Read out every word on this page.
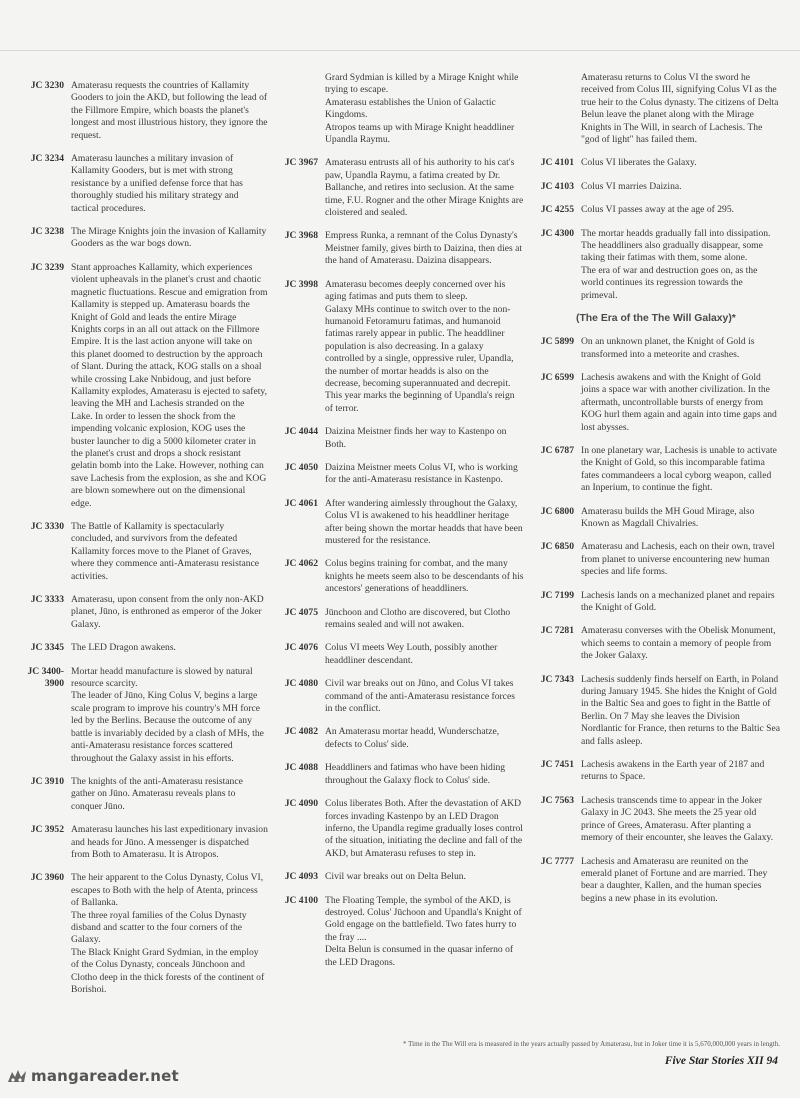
JC 3230 Amaterasu requests the countries of Kallamity Gooders to join the AKD, but following the lead of the Fillmore Empire, which boasts the planet's longest and most illustrious history, they ignore the request.
JC 3234 Amaterasu launches a military invasion of Kallamity Gooders, but is met with strong resistance by a unified defense force that has thoroughly studied his military strategy and tactical procedures.
JC 3238 The Mirage Knights join the invasion of Kallamity Gooders as the war bogs down.
JC 3239 Stant approaches Kallamity, which experiences violent upheavals in the planet's crust and chaotic magnetic fluctuations. Rescue and emigration from Kallamity is stepped up. Amaterasu boards the Knight of Gold and leads the entire Mirage Knights corps in an all out attack on the Fillmore Empire. It is the last action anyone will take on this planet doomed to destruction by the approach of Slant. During the attack, KOG stalls on a shoal while crossing Lake Nnbidoug, and just before Kallamity explodes, Amaterasu is ejected to safety, leaving the MH and Lachesis stranded on the Lake. In order to lessen the shock from the impending volcanic explosion, KOG uses the buster launcher to dig a 5000 kilometer crater in the planet's crust and drops a shock resistant gelatin bomb into the Lake. However, nothing can save Lachesis from the explosion, as she and KOG are blown somewhere out on the dimensional edge.
JC 3330 The Battle of Kallamity is spectacularly concluded, and survivors from the defeated Kallamity forces move to the Planet of Graves, where they commence anti-Amaterasu resistance activities.
JC 3333 Amaterasu, upon consent from the only non-AKD planet, Jūno, is enthroned as emperor of the Joker Galaxy.
JC 3345 The LED Dragon awakens.
JC 3400-
3900
Mortar headd manufacture is slowed by natural resource scarcity.
The leader of Jūno, King Colus V, begins a large scale program to improve his country's MH force led by the Berlins. Because the outcome of any battle is invariably decided by a clash of MHs, the anti-Amaterasu resistance forces scattered throughout the Galaxy assist in his efforts.
JC 3910 The knights of the anti-Amaterasu resistance gather on Jūno. Amaterasu reveals plans to conquer Jūno.
JC 3952 Amaterasu launches his last expeditionary invasion and heads for Jūno. A messenger is dispatched from Both to Amaterasu. It is Atropos.
JC 3960 The heir apparent to the Colus Dynasty, Colus VI, escapes to Both with the help of Atenta, princess of Ballanka.
The three royal families of the Colus Dynasty disband and scatter to the four corners of the Galaxy.
The Black Knight Grard Sydmian, in the employ of the Colus Dynasty, conceals Jūnchoon and Clotho deep in the thick forests of the continent of Borishoi.
Grard Sydmian is killed by a Mirage Knight while trying to escape.
Amaterasu establishes the Union of Galactic Kingdoms.
Atropos teams up with Mirage Knight headdliner Upandla Raymu.
JC 3967 Amaterasu entrusts all of his authority to his cat's paw, Upandla Raymu, a fatima created by Dr. Ballanche, and retires into seclusion. At the same time, F.U. Rogner and the other Mirage Knights are cloistered and sealed.
JC 3968 Empress Runka, a remnant of the Colus Dynasty's Meistner family, gives birth to Daizina, then dies at the hand of Amaterasu. Daizina disappears.
JC 3998 Amaterasu becomes deeply concerned over his aging fatimas and puts them to sleep.
Galaxy MHs continue to switch over to the non-humanoid Fetoramuru fatimas, and humanoid fatimas rarely appear in public. The headdliner population is also decreasing. In a galaxy controlled by a single, oppressive ruler, Upandla, the number of mortar headds is also on the decrease, becoming superannuated and decrepit.
This year marks the beginning of Upandla's reign of terror.
JC 4044 Daizina Meistner finds her way to Kastenpo on Both.
JC 4050 Daizina Meistner meets Colus VI, who is working for the anti-Amaterasu resistance in Kastenpo.
JC 4061 After wandering aimlessly throughout the Galaxy, Colus VI is awakened to his headdliner heritage after being shown the mortar headds that have been mustered for the resistance.
JC 4062 Colus begins training for combat, and the many knights he meets seem also to be descendants of his ancestors' generations of headdliners.
JC 4075 Jūnchoon and Clotho are discovered, but Clotho remains sealed and will not awaken.
JC 4076 Colus VI meets Wey Louth, possibly another headdliner descendant.
JC 4080 Civil war breaks out on Jūno, and Colus VI takes command of the anti-Amaterasu resistance forces in the conflict.
JC 4082 An Amaterasu mortar headd, Wunderschatze, defects to Colus' side.
JC 4088 Headdliners and fatimas who have been hiding throughout the Galaxy flock to Colus' side.
JC 4090 Colus liberates Both. After the devastation of AKD forces invading Kastenpo by an LED Dragon inferno, the Upandla regime gradually loses control of the situation, initiating the decline and fall of the AKD, but Amaterasu refuses to step in.
JC 4093 Civil war breaks out on Delta Belun.
JC 4100 The Floating Temple, the symbol of the AKD, is destroyed. Colus' Jūchoon and Upandla's Knight of Gold engage on the battlefield. Two fates hurry to the fray ....
Delta Belun is consumed in the quasar inferno of the LED Dragons.
Amaterasu returns to Colus VI the sword he received from Colus III, signifying Colus VI as the true heir to the Colus dynasty. The citizens of Delta Belun leave the planet along with the Mirage Knights in The Will, in search of Lachesis. The "god of light" has failed them.
JC 4101 Colus VI liberates the Galaxy.
JC 4103 Colus VI marries Daizina.
JC 4255 Colus VI passes away at the age of 295.
JC 4300 The mortar headds gradually fall into dissipation. The headdliners also gradually disappear, some taking their fatimas with them, some alone.
The era of war and destruction goes on, as the world continues its regression towards the primeval.
(The Era of the The Will Galaxy)*
JC 5899 On an unknown planet, the Knight of Gold is transformed into a meteorite and crashes.
JC 6599 Lachesis awakens and with the Knight of Gold joins a space war with another civilization. In the aftermath, uncontrollable bursts of energy from KOG hurl them again and again into time gaps and lost abysses.
JC 6787 In one planetary war, Lachesis is unable to activate the Knight of Gold, so this incomparable fatima fates commandeers a local cyborg weapon, called an Inperium, to continue the fight.
JC 6800 Amaterasu builds the MH Goud Mirage, also Known as Magdall Chivalries.
JC 6850 Amaterasu and Lachesis, each on their own, travel from planet to universe encountering new human species and life forms.
JC 7199 Lachesis lands on a mechanized planet and repairs the Knight of Gold.
JC 7281 Amaterasu converses with the Obelisk Monument, which seems to contain a memory of people from the Joker Galaxy.
JC 7343 Lachesis suddenly finds herself on Earth, in Poland during January 1945. She hides the Knight of Gold in the Baltic Sea and goes to fight in the Battle of Berlin. On 7 May she leaves the Division Nordlantic for France, then returns to the Baltic Sea and falls asleep.
JC 7451 Lachesis awakens in the Earth year of 2187 and returns to Space.
JC 7563 Lachesis transcends time to appear in the Joker Galaxy in JC 2043. She meets the 25 year old prince of Grees, Amaterasu. After planting a memory of their encounter, she leaves the Galaxy.
JC 7777 Lachesis and Amaterasu are reunited on the emerald planet of Fortune and are married. They bear a daughter, Kallen, and the human species begins a new phase in its evolution.
* Time in the The Will era is measured in the years actually passed by Amaterasu, but in Joker time it is 5,670,000,000 years in length.
Five Star Stories XII 94
mangareader.net
